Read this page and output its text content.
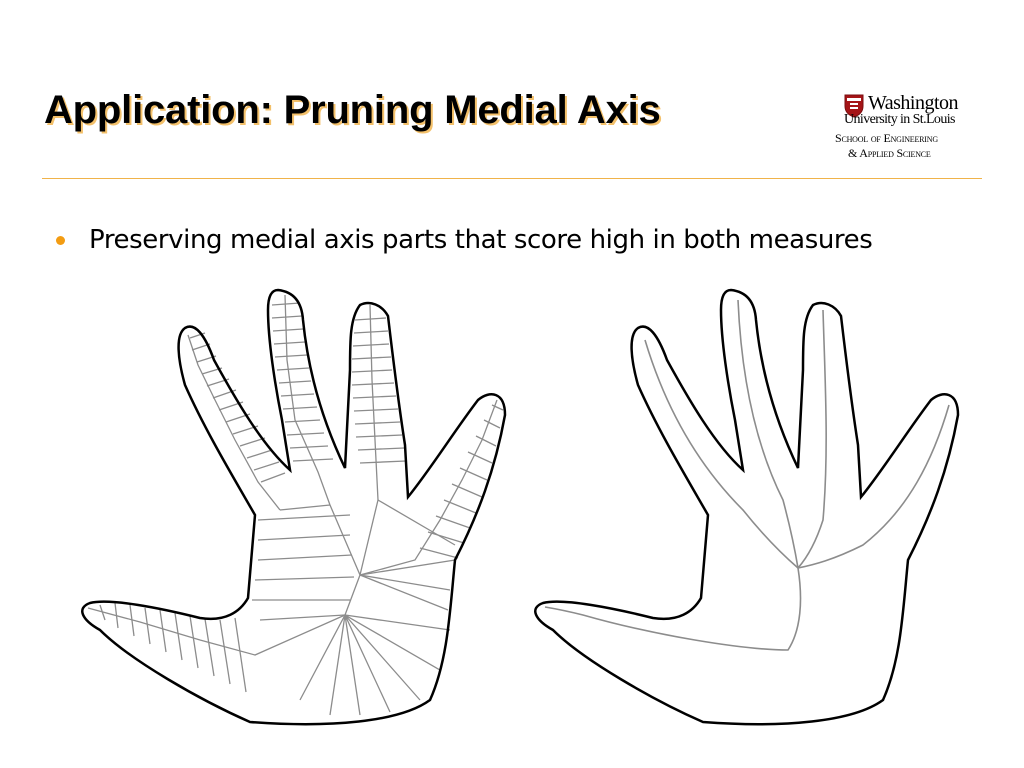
Application: Pruning Medial Axis	Washington
University in St.Louis
School of Engineering
& Applied Science
Preserving medial axis parts that score high in both measures
